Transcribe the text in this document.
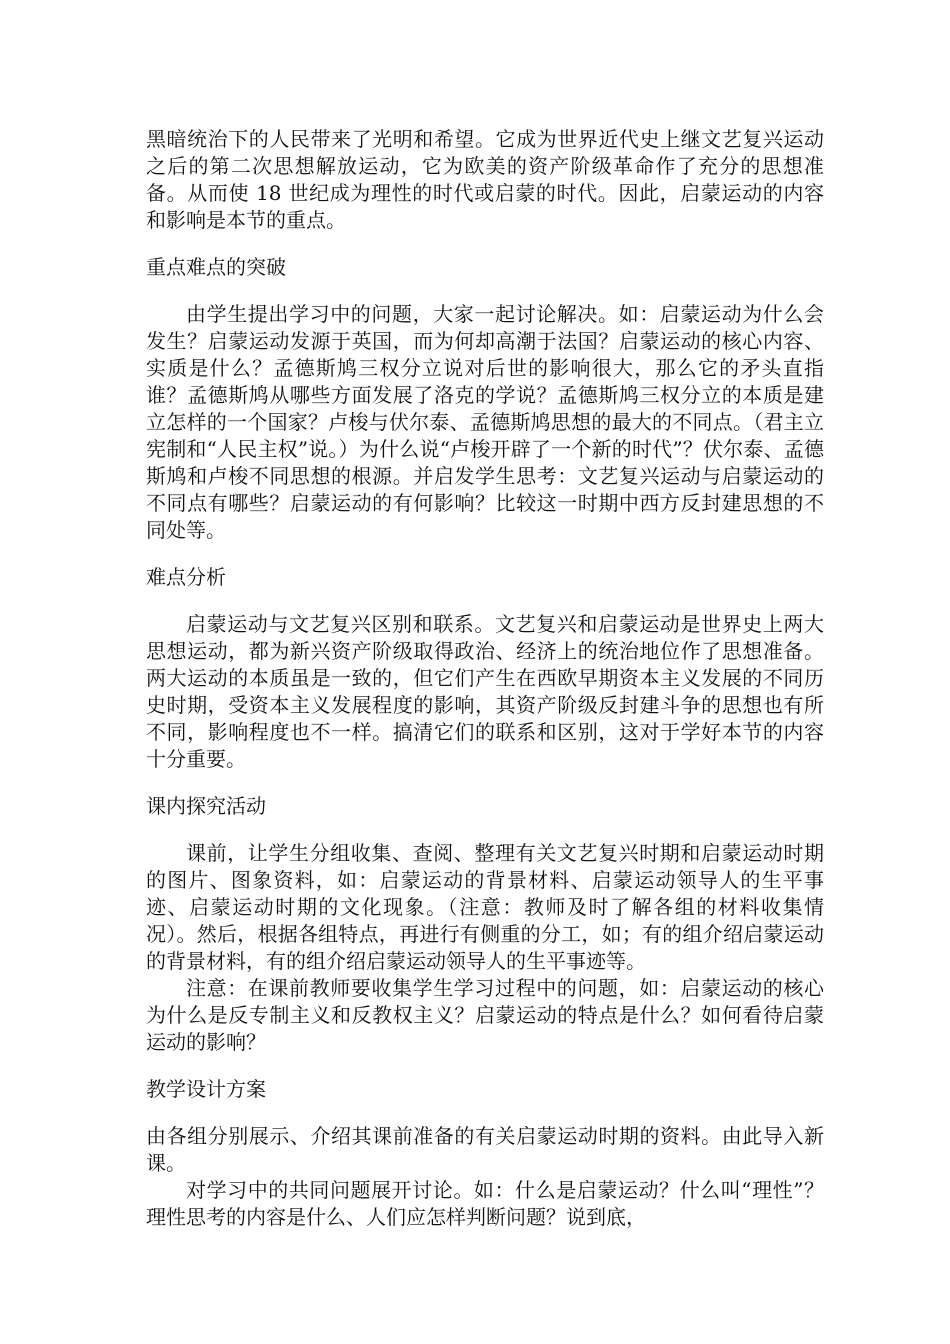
黑暗统治下的人民带来了光明和希望。它成为世界近代史上继文艺复兴运动之后的第二次思想解放运动，它为欧美的资产阶级革命作了充分的思想准备。从而使 18 世纪成为理性的时代或启蒙的时代。因此，启蒙运动的内容和影响是本节的重点。

重点难点的突破

由学生提出学习中的问题，大家一起讨论解决。如：启蒙运动为什么会发生？启蒙运动发源于英国，而为何却高潮于法国？启蒙运动的核心内容、实质是什么？孟德斯鸠三权分立说对后世的影响很大，那么它的矛头直指谁？孟德斯鸠从哪些方面发展了洛克的学说？孟德斯鸠三权分立的本质是建立怎样的一个国家？卢梭与伏尔泰、孟德斯鸠思想的最大的不同点。（君主立宪制和“人民主权”说。）为什么说“卢梭开辟了一个新的时代”？伏尔泰、孟德斯鸠和卢梭不同思想的根源。并启发学生思考：文艺复兴运动与启蒙运动的不同点有哪些？启蒙运动的有何影响？比较这一时期中西方反封建思想的不同处等。

难点分析

启蒙运动与文艺复兴区别和联系。文艺复兴和启蒙运动是世界史上两大思想运动，都为新兴资产阶级取得政治、经济上的统治地位作了思想准备。两大运动的本质虽是一致的，但它们产生在西欧早期资本主义发展的不同历史时期，受资本主义发展程度的影响，其资产阶级反封建斗争的思想也有所不同，影响程度也不一样。搞清它们的联系和区别，这对于学好本节的内容十分重要。

课内探究活动

课前，让学生分组收集、查阅、整理有关文艺复兴时期和启蒙运动时期的图片、图象资料，如：启蒙运动的背景材料、启蒙运动领导人的生平事迹、启蒙运动时期的文化现象。（注意：教师及时了解各组的材料收集情况）。然后，根据各组特点，再进行有侧重的分工，如；有的组介绍启蒙运动的背景材料，有的组介绍启蒙运动领导人的生平事迹等。

注意：在课前教师要收集学生学习过程中的问题，如：启蒙运动的核心为什么是反专制主义和反教权主义？启蒙运动的特点是什么？如何看待启蒙运动的影响？

教学设计方案

由各组分别展示、介绍其课前准备的有关启蒙运动时期的资料。由此导入新课。

对学习中的共同问题展开讨论。如：什么是启蒙运动？什么叫“理性”？理性思考的内容是什么、人们应怎样判断问题？说到底，
